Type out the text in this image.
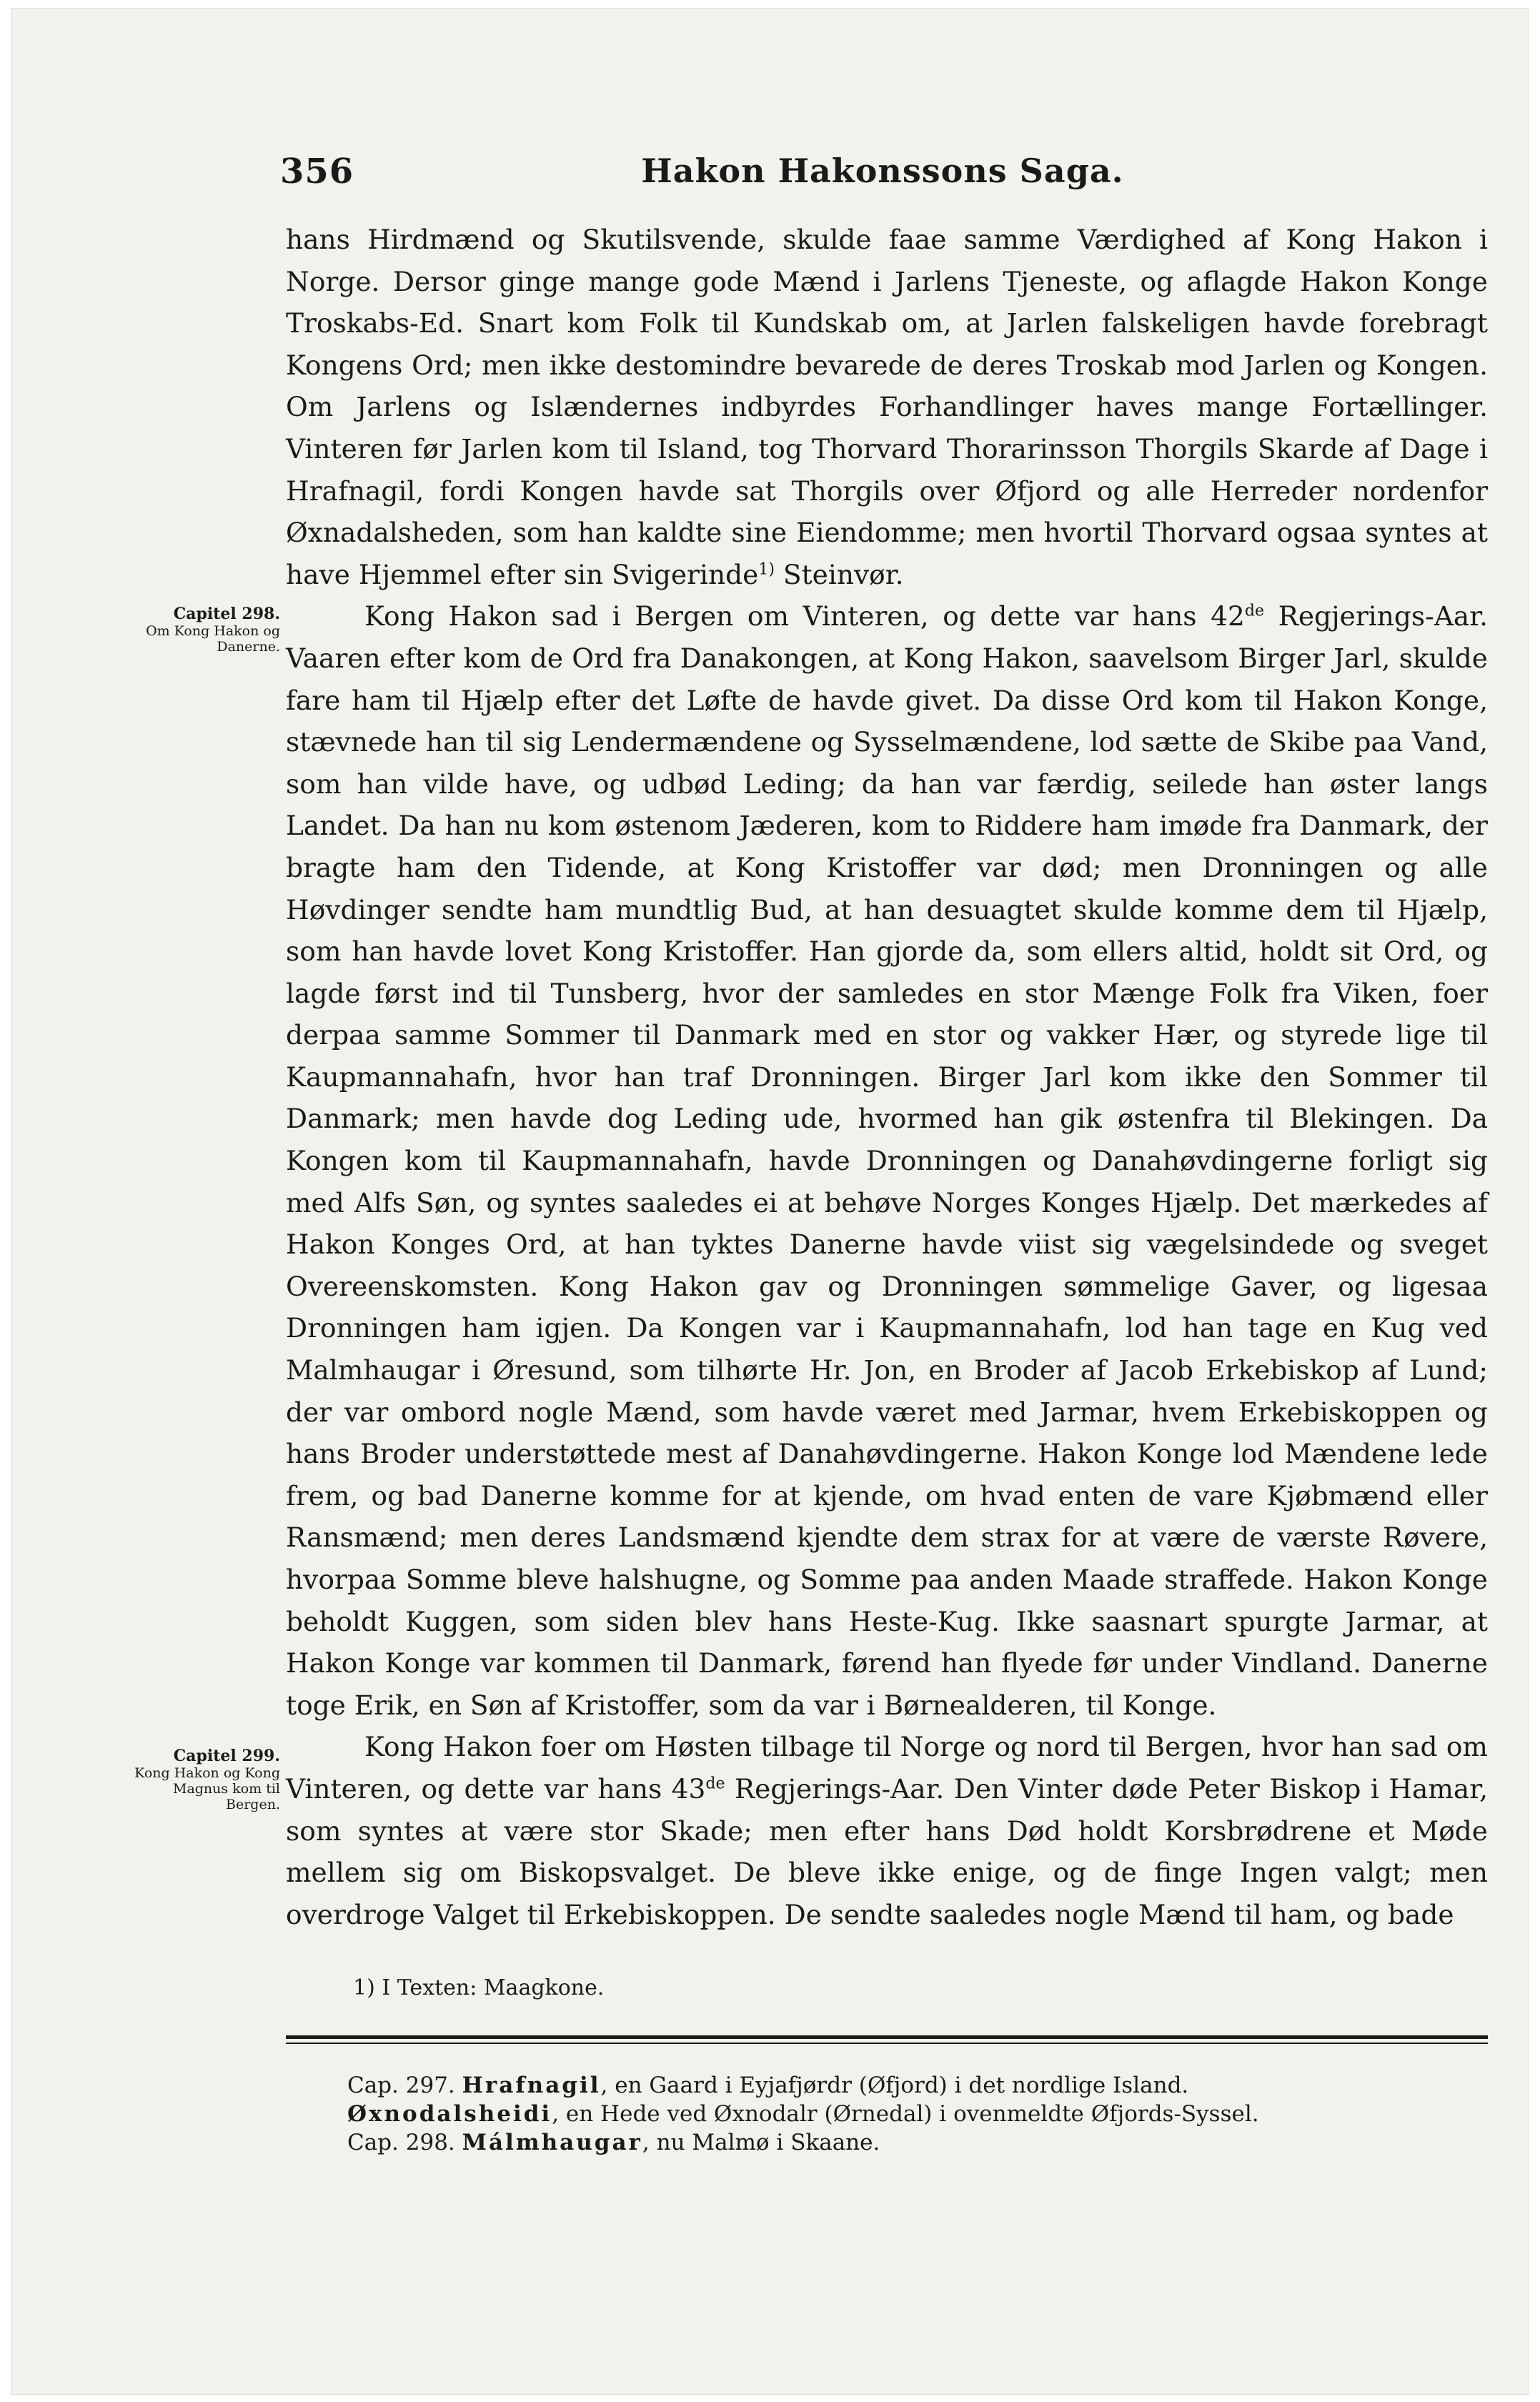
356	Hakon Hakonssons Saga.

hans Hirdmænd og Skutilsvende, skulde faae samme Værdighed af Kong Hakon i Norge. Dersor ginge mange gode Mænd i Jarlens Tjeneste, og aflagde Hakon Konge Troskabs-Ed. Snart kom Folk til Kundskab om, at Jarlen falskeligen havde forebragt Kongens Ord; men ikke destomindre bevarede de deres Troskab mod Jarlen og Kongen. Om Jarlens og Islændernes indbyrdes Forhandlinger haves mange Fortællinger. Vinteren før Jarlen kom til Island, tog Thorvard Thorarinsson Thorgils Skarde af Dage i Hrafnagil, fordi Kongen havde sat Thorgils over Øfjord og alle Herreder nordenfor Øxnadalsheden, som han kaldte sine Eiendomme; men hvortil Thorvard ogsaa syntes at have Hjemmel efter sin Svigerinde$^{1)}$ Steinvør.

Kong Hakon sad i Bergen om Vinteren, og dette var hans 42de Regjerings-Aar. Vaaren efter kom de Ord fra Danakongen, at Kong Hakon, saavelsom Birger Jarl, skulde fare ham til Hjælp efter det Løfte de havde givet. Da disse Ord kom til Hakon Konge, stævnede han til sig Lendermændene og Sysselmændene, lod sætte de Skibe paa Vand, som han vilde have, og udbød Leding; da han var færdig, seilede han øster langs Landet. Da han nu kom østenom Jæderen, kom to Riddere ham imøde fra Danmark, der bragte ham den Tidende, at Kong Kristoffer var død; men Dronningen og alle Høvdinger sendte ham mundtlig Bud, at han desuagtet skulde komme dem til Hjælp, som han havde lovet Kong Kristoffer. Han gjorde da, som ellers altid, holdt sit Ord, og lagde først ind til Tunsberg, hvor der samledes en stor Mænge Folk fra Viken, foer derpaa samme Sommer til Danmark med en stor og vakker Hær, og styrede lige til Kaupmannahafn, hvor han traf Dronningen. Birger Jarl kom ikke den Sommer til Danmark; men havde dog Leding ude, hvormed han gik østenfra til Blekingen. Da Kongen kom til Kaupmannahafn, havde Dronningen og Danahøvdingerne forligt sig med Alfs Søn, og syntes saaledes ei at behøve Norges Konges Hjælp. Det mærkedes af Hakon Konges Ord, at han tyktes Danerne havde viist sig vægelsindede og sveget Overeenskomsten. Kong Hakon gav og Dronningen sømmelige Gaver, og ligesaa Dronningen ham igjen. Da Kongen var i Kaupmannahafn, lod han tage en Kug ved Malmhaugar i Øresund, som tilhørte Hr. Jon, en Broder af Jacob Erkebiskop af Lund; der var ombord nogle Mænd, som havde været med Jarmar, hvem Erkebiskoppen og hans Broder understøttede mest af Danahøvdingerne. Hakon Konge lod Mændene lede frem, og bad Danerne komme for at kjende, om hvad enten de vare Kjøbmænd eller Ransmænd; men deres Landsmænd kjendte dem strax for at være de værste Røvere, hvorpaa Somme bleve halshugne, og Somme paa anden Maade straffede. Hakon Konge beholdt Kuggen, som siden blev hans Heste-Kug. Ikke saasnart spurgte Jarmar, at Hakon Konge var kommen til Danmark, førend han flyede før under Vindland. Danerne toge Erik, en Søn af Kristoffer, som da var i Børnealderen, til Konge.

Kong Hakon foer om Høsten tilbage til Norge og nord til Bergen, hvor han sad om Vinteren, og dette var hans 43de Regjerings-Aar. Den Vinter døde Peter Biskop i Hamar, som syntes at være stor Skade; men efter hans Død holdt Korsbrødrene et Møde mellem sig om Biskopsvalget. De bleve ikke enige, og de finge Ingen valgt; men overdroge Valget til Erkebiskoppen. De sendte saaledes nogle Mænd til ham, og bade

Capitel 298.
Om Kong Hakon og Danerne.
Capitel 299.
Kong Hakon og Kong Magnus kom til Bergen.
1) I Texten: Maagkone.
Cap. 297. Hrafnagil, en Gaard i Eyjafjørdr (Øfjord) i det nordlige Island.
Øxnodalsheidi, en Hede ved Øxnodalr (Ørnedal) i ovenmeldte Øfjords-Syssel.
Cap. 298. Málmhaugar, nu Malmø i Skaane.
